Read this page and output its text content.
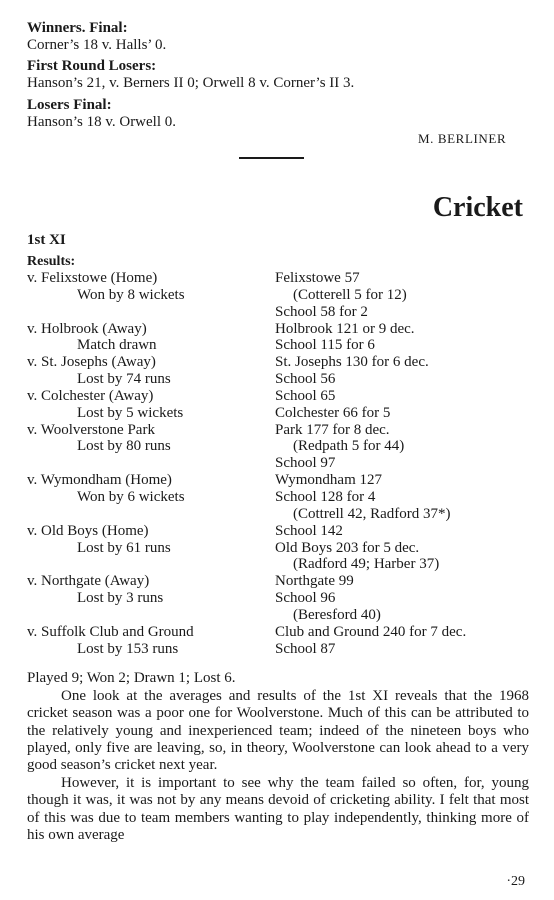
Winners. Final:
Corner’s 18 v. Halls’ 0.
First Round Losers:
Hanson’s 21, v. Berners II 0; Orwell 8 v. Corner’s II 3.
Losers Final:
Hanson’s 18 v. Orwell 0.
M. BERLINER
Cricket
1st XI
Results:
v. Felixstowe (Home)
Won by 8 wickets
Felixstowe 57
(Cotterell 5 for 12)
School 58 for 2
v. Holbrook (Away)
Match drawn
Holbrook 121 or 9 dec.
School 115 for 6
v. St. Josephs (Away)
Lost by 74 runs
St. Josephs 130 for 6 dec.
School 56
v. Colchester (Away)
Lost by 5 wickets
School 65
Colchester 66 for 5
v. Woolverstone Park
Lost by 80 runs
Park 177 for 8 dec.
(Redpath 5 for 44)
School 97
v. Wymondham (Home)
Won by 6 wickets
Wymondham 127
School 128 for 4
(Cottrell 42, Radford 37*)
v. Old Boys (Home)
Lost by 61 runs
School 142
Old Boys 203 for 5 dec.
(Radford 49; Harber 37)
v. Northgate (Away)
Lost by 3 runs
Northgate 99
School 96
(Beresford 40)
v. Suffolk Club and Ground
Lost by 153 runs
Club and Ground 240 for 7 dec.
School 87
Played 9; Won 2; Drawn 1; Lost 6.
One look at the averages and results of the 1st XI reveals that the 1968 cricket season was a poor one for Woolverstone. Much of this can be attributed to the relatively young and inexperienced team; indeed of the nineteen boys who played, only five are leaving, so, in theory, Woolverstone can look ahead to a very good season’s cricket next year.
However, it is important to see why the team failed so often, for, young though it was, it was not by any means devoid of cricketing ability. I felt that most of this was due to team members wanting to play independently, thinking more of his own average
·29
